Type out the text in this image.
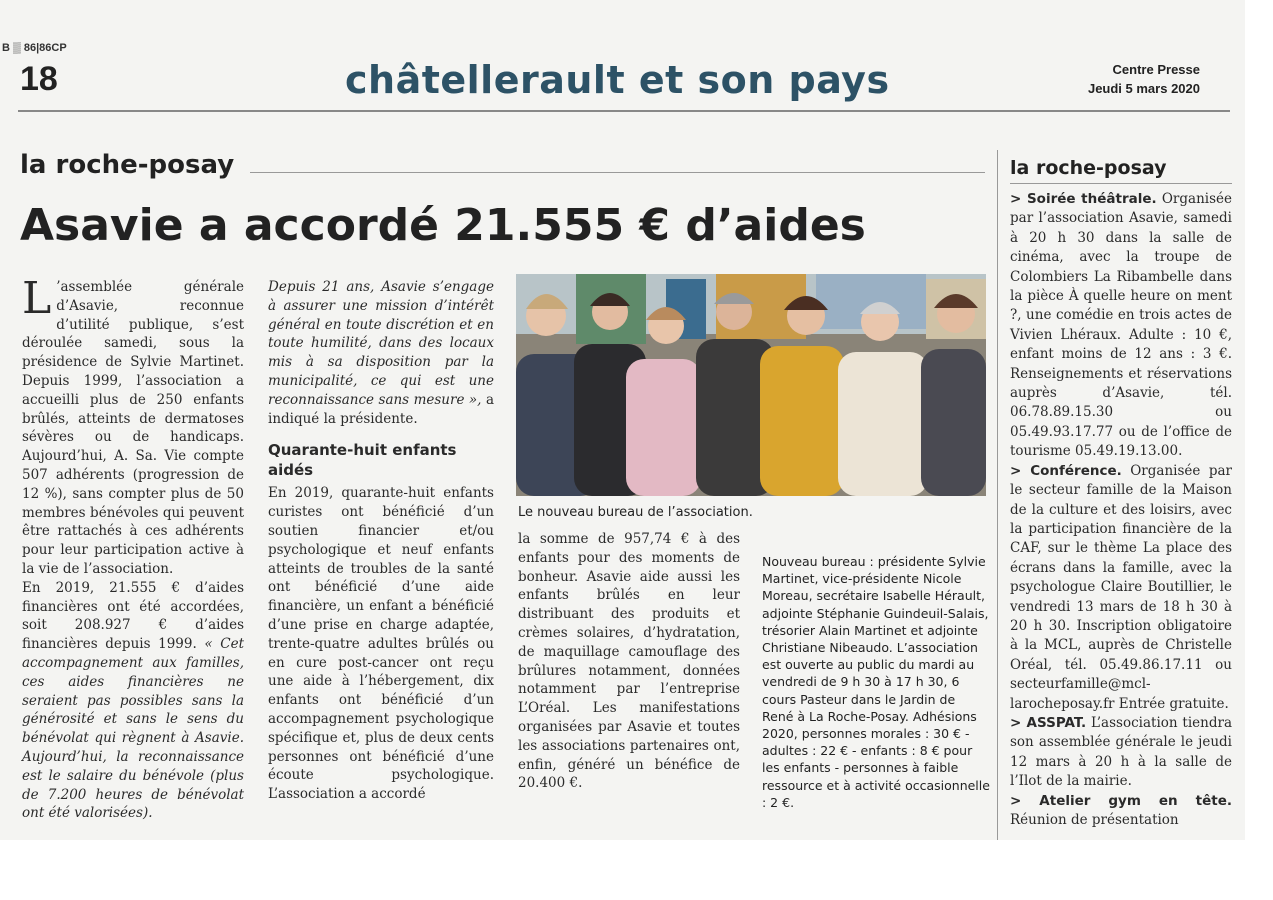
B ▒ 86|86CP
18	châtellerault et son pays	Centre Presse
Jeudi 5 mars 2020
la roche-posay
Asavie a accordé 21.555 € d’aides

L ’assemblée générale d’Asavie, reconnue d’utilité publique, s’est déroulée samedi, sous la présidence de Sylvie Martinet. Depuis 1999, l’association a accueilli plus de 250 enfants brûlés, atteints de dermatoses sévères ou de handicaps. Aujourd’hui, A. Sa. Vie compte 507 adhérents (progression de 12 %), sans compter plus de 50 membres bénévoles qui peuvent être rattachés à ces adhérents pour leur participation active à la vie de l’association.

En 2019, 21.555 € d’aides financières ont été accordées, soit 208.927 € d’aides financières depuis 1999. « Cet accompagnement aux familles, ces aides financières ne seraient pas possibles sans la générosité et sans le sens du bénévolat qui règnent à Asavie. Aujourd’hui, la reconnaissance est le salaire du bénévole (plus de 7.200 heures de bénévolat ont été valorisées).

Depuis 21 ans, Asavie s’engage à assurer une mission d’intérêt général en toute discrétion et en toute humilité, dans des locaux mis à sa disposition par la municipalité, ce qui est une reconnaissance sans mesure », a indiqué la présidente.

Quarante-huit enfants aidés

En 2019, quarante-huit enfants curistes ont bénéficié d’un soutien financier et/ou psychologique et neuf enfants atteints de troubles de la santé ont bénéficié d’une aide financière, un enfant a bénéficié d’une prise en charge adaptée, trente-quatre adultes brûlés ou en cure post-cancer ont reçu une aide à l’hébergement, dix enfants ont bénéficié d’un accompagnement psychologique spécifique et, plus de deux cents personnes ont bénéficié d’une écoute psychologique. L’association a accordé

Le nouveau bureau de l’association.

la somme de 957,74 € à des enfants pour des moments de bonheur. Asavie aide aussi les enfants brûlés en leur distribuant des produits et crèmes solaires, d’hydratation, de maquillage camouflage des brûlures notamment, données notamment par l’entreprise L’Oréal. Les manifestations organisées par Asavie et toutes les associations partenaires ont, enfin, généré un bénéfice de 20.400 €.

Nouveau bureau : présidente Sylvie Martinet, vice-présidente Nicole Moreau, secrétaire Isabelle Hérault, adjointe Stéphanie Guindeuil-Salais, trésorier Alain Martinet et adjointe Christiane Nibeaudo. L’association est ouverte au public du mardi au vendredi de 9 h 30 à 17 h 30, 6 cours Pasteur dans le Jardin de René à La Roche-Posay. Adhésions 2020, personnes morales : 30 € - adultes : 22 € - enfants : 8 € pour les enfants - personnes à faible ressource et à activité occasionnelle : 2 €.
la roche-posay

> Soirée théâtrale. Organisée par l’association Asavie, samedi à 20 h 30 dans la salle de cinéma, avec la troupe de Colombiers La Ribambelle dans la pièce À quelle heure on ment ?, une comédie en trois actes de Vivien Lhéraux. Adulte : 10 €, enfant moins de 12 ans : 3 €. Renseignements et réservations auprès d’Asavie, tél. 06.78.89.15.30 ou 05.49.93.17.77 ou de l’office de tourisme 05.49.19.13.00.

> Conférence. Organisée par le secteur famille de la Maison de la culture et des loisirs, avec la participation financière de la CAF, sur le thème La place des écrans dans la famille, avec la psychologue Claire Boutillier, le vendredi 13 mars de 18 h 30 à 20 h 30. Inscription obligatoire à la MCL, auprès de Christelle Oréal, tél. 05.49.86.17.11 ou secteurfamille@mcl-larocheposay.fr Entrée gratuite.

> ASSPAT. L’association tiendra son assemblée générale le jeudi 12 mars à 20 h à la salle de l’Ilot de la mairie.

> Atelier gym en tête. Réunion de présentation
